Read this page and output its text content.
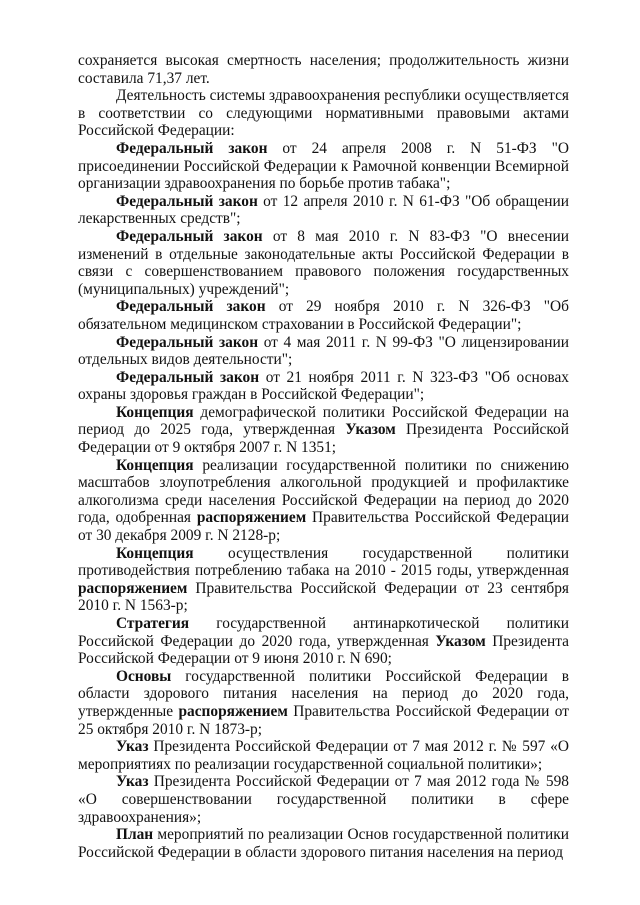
сохраняется высокая смертность населения; продолжительность жизни составила 71,37 лет.

Деятельность системы здравоохранения республики осуществляется в соответствии со следующими нормативными правовыми актами Российской Федерации:

Федеральный закон от 24 апреля 2008 г. N 51-ФЗ "О присоединении Российской Федерации к Рамочной конвенции Всемирной организации здравоохранения по борьбе против табака";

Федеральный закон от 12 апреля 2010 г. N 61-ФЗ "Об обращении лекарственных средств";

Федеральный закон от 8 мая 2010 г. N 83-ФЗ "О внесении изменений в отдельные законодательные акты Российской Федерации в связи с совершенствованием правового положения государственных (муниципальных) учреждений";

Федеральный закон от 29 ноября 2010 г. N 326-ФЗ "Об обязательном медицинском страховании в Российской Федерации";

Федеральный закон от 4 мая 2011 г. N 99-ФЗ "О лицензировании отдельных видов деятельности";

Федеральный закон от 21 ноября 2011 г. N 323-ФЗ "Об основах охраны здоровья граждан в Российской Федерации";

Концепция демографической политики Российской Федерации на период до 2025 года, утвержденная Указом Президента Российской Федерации от 9 октября 2007 г. N 1351;

Концепция реализации государственной политики по снижению масштабов злоупотребления алкогольной продукцией и профилактике алкоголизма среди населения Российской Федерации на период до 2020 года, одобренная распоряжением Правительства Российской Федерации от 30 декабря 2009 г. N 2128-р;

Концепция осуществления государственной политики противодействия потреблению табака на 2010 - 2015 годы, утвержденная распоряжением Правительства Российской Федерации от 23 сентября 2010 г. N 1563-р;

Стратегия государственной антинаркотической политики Российской Федерации до 2020 года, утвержденная Указом Президента Российской Федерации от 9 июня 2010 г. N 690;

Основы государственной политики Российской Федерации в области здорового питания населения на период до 2020 года, утвержденные распоряжением Правительства Российской Федерации от 25 октября 2010 г. N 1873-р;

Указ Президента Российской Федерации от 7 мая 2012 г. № 597 «О мероприятиях по реализации государственной социальной политики»;

Указ Президента Российской Федерации от 7 мая 2012 года № 598 «О совершенствовании государственной политики в сфере здравоохранения»;

План мероприятий по реализации Основ государственной политики Российской Федерации в области здорового питания населения на период
